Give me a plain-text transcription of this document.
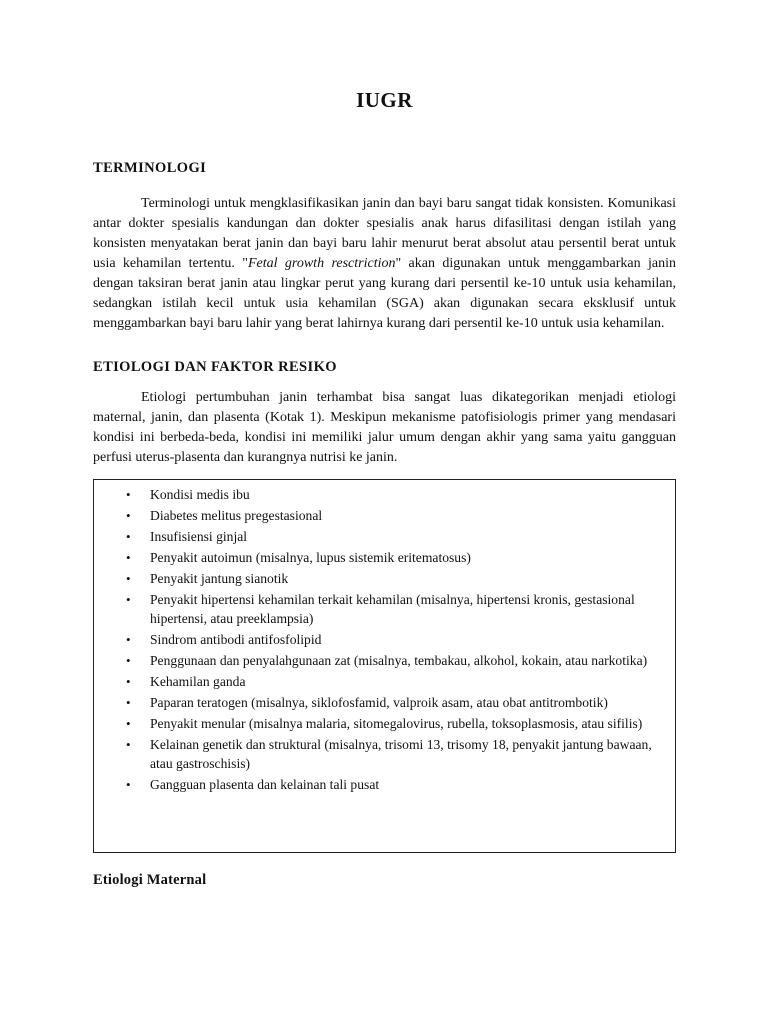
IUGR
TERMINOLOGI

Terminologi untuk mengklasifikasikan janin dan bayi baru sangat tidak konsisten. Komunikasi antar dokter spesialis kandungan dan dokter spesialis anak harus difasilitasi dengan istilah yang konsisten menyatakan berat janin dan bayi baru lahir menurut berat absolut atau persentil berat untuk usia kehamilan tertentu. "Fetal growth resctriction" akan digunakan untuk menggambarkan janin dengan taksiran berat janin atau lingkar perut yang kurang dari persentil ke-10 untuk usia kehamilan, sedangkan istilah kecil untuk usia kehamilan (SGA) akan digunakan secara eksklusif untuk menggambarkan bayi baru lahir yang berat lahirnya kurang dari persentil ke-10 untuk usia kehamilan.

ETIOLOGI DAN FAKTOR RESIKO

Etiologi pertumbuhan janin terhambat bisa sangat luas dikategorikan menjadi etiologi maternal, janin, dan plasenta (Kotak 1). Meskipun mekanisme patofisiologis primer yang mendasari kondisi ini berbeda-beda, kondisi ini memiliki jalur umum dengan akhir yang sama yaitu gangguan perfusi uterus-plasenta dan kurangnya nutrisi ke janin.

• Kondisi medis ibu
• Diabetes melitus pregestasional
• Insufisiensi ginjal
• Penyakit autoimun (misalnya, lupus sistemik eritematosus)
• Penyakit jantung sianotik
• Penyakit hipertensi kehamilan terkait kehamilan (misalnya, hipertensi kronis, gestasional hipertensi, atau preeklampsia)
• Sindrom antibodi antifosfolipid
• Penggunaan dan penyalahgunaan zat (misalnya, tembakau, alkohol, kokain, atau narkotika)
• Kehamilan ganda
• Paparan teratogen (misalnya, siklofosfamid, valproik asam, atau obat antitrombotik)
• Penyakit menular (misalnya malaria, sitomegalovirus, rubella, toksoplasmosis, atau sifilis)
• Kelainan genetik dan struktural (misalnya, trisomi 13, trisomy 18, penyakit jantung bawaan, atau gastroschisis)
• Gangguan plasenta dan kelainan tali pusat
Etiologi Maternal
